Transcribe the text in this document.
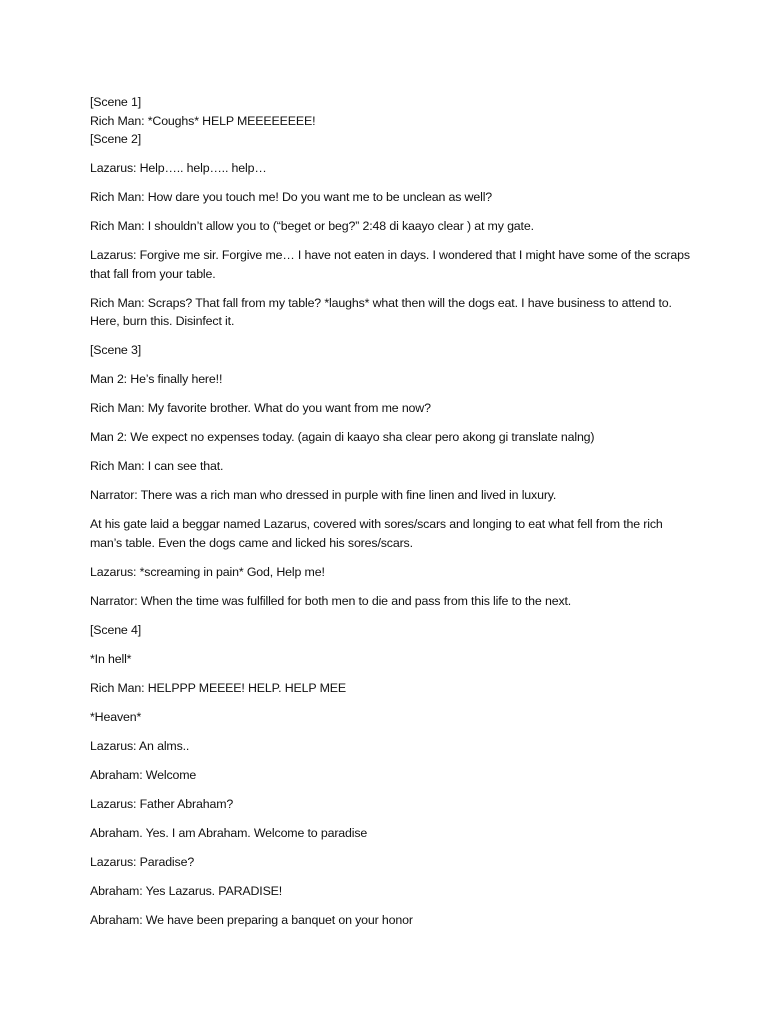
[Scene 1]
Rich Man: *Coughs* HELP MEEEEEEEE!
[Scene 2]
Lazarus: Help….. help….. help…
Rich Man: How dare you touch me! Do you want me to be unclean as well?
Rich Man: I shouldn’t allow you to (“beget or beg?” 2:48 di kaayo clear ) at my gate.
Lazarus: Forgive me sir. Forgive me… I have not eaten in days. I wondered that I might have some of the scraps that fall from your table.
Rich Man: Scraps? That fall from my table? *laughs* what then will the dogs eat. I have business to attend to. Here, burn this. Disinfect it.
[Scene 3]
Man 2: He’s finally here!!
Rich Man: My favorite brother. What do you want from me now?
Man 2: We expect no expenses today. (again di kaayo sha clear pero akong gi translate nalng)
Rich Man: I can see that.
Narrator: There was a rich man who dressed in purple with fine linen and lived in luxury.
At his gate laid a beggar named Lazarus, covered with sores/scars and longing to eat what fell from the rich man’s table. Even the dogs came and licked his sores/scars.
Lazarus: *screaming in pain* God, Help me!
Narrator: When the time was fulfilled for both men to die and pass from this life to the next.
[Scene 4]
*In hell*
Rich Man: HELPPP MEEEE! HELP. HELP MEE
*Heaven*
Lazarus: An alms..
Abraham: Welcome
Lazarus: Father Abraham?
Abraham. Yes. I am Abraham. Welcome to paradise
Lazarus: Paradise?
Abraham: Yes Lazarus. PARADISE!
Abraham: We have been preparing a banquet on your honor
